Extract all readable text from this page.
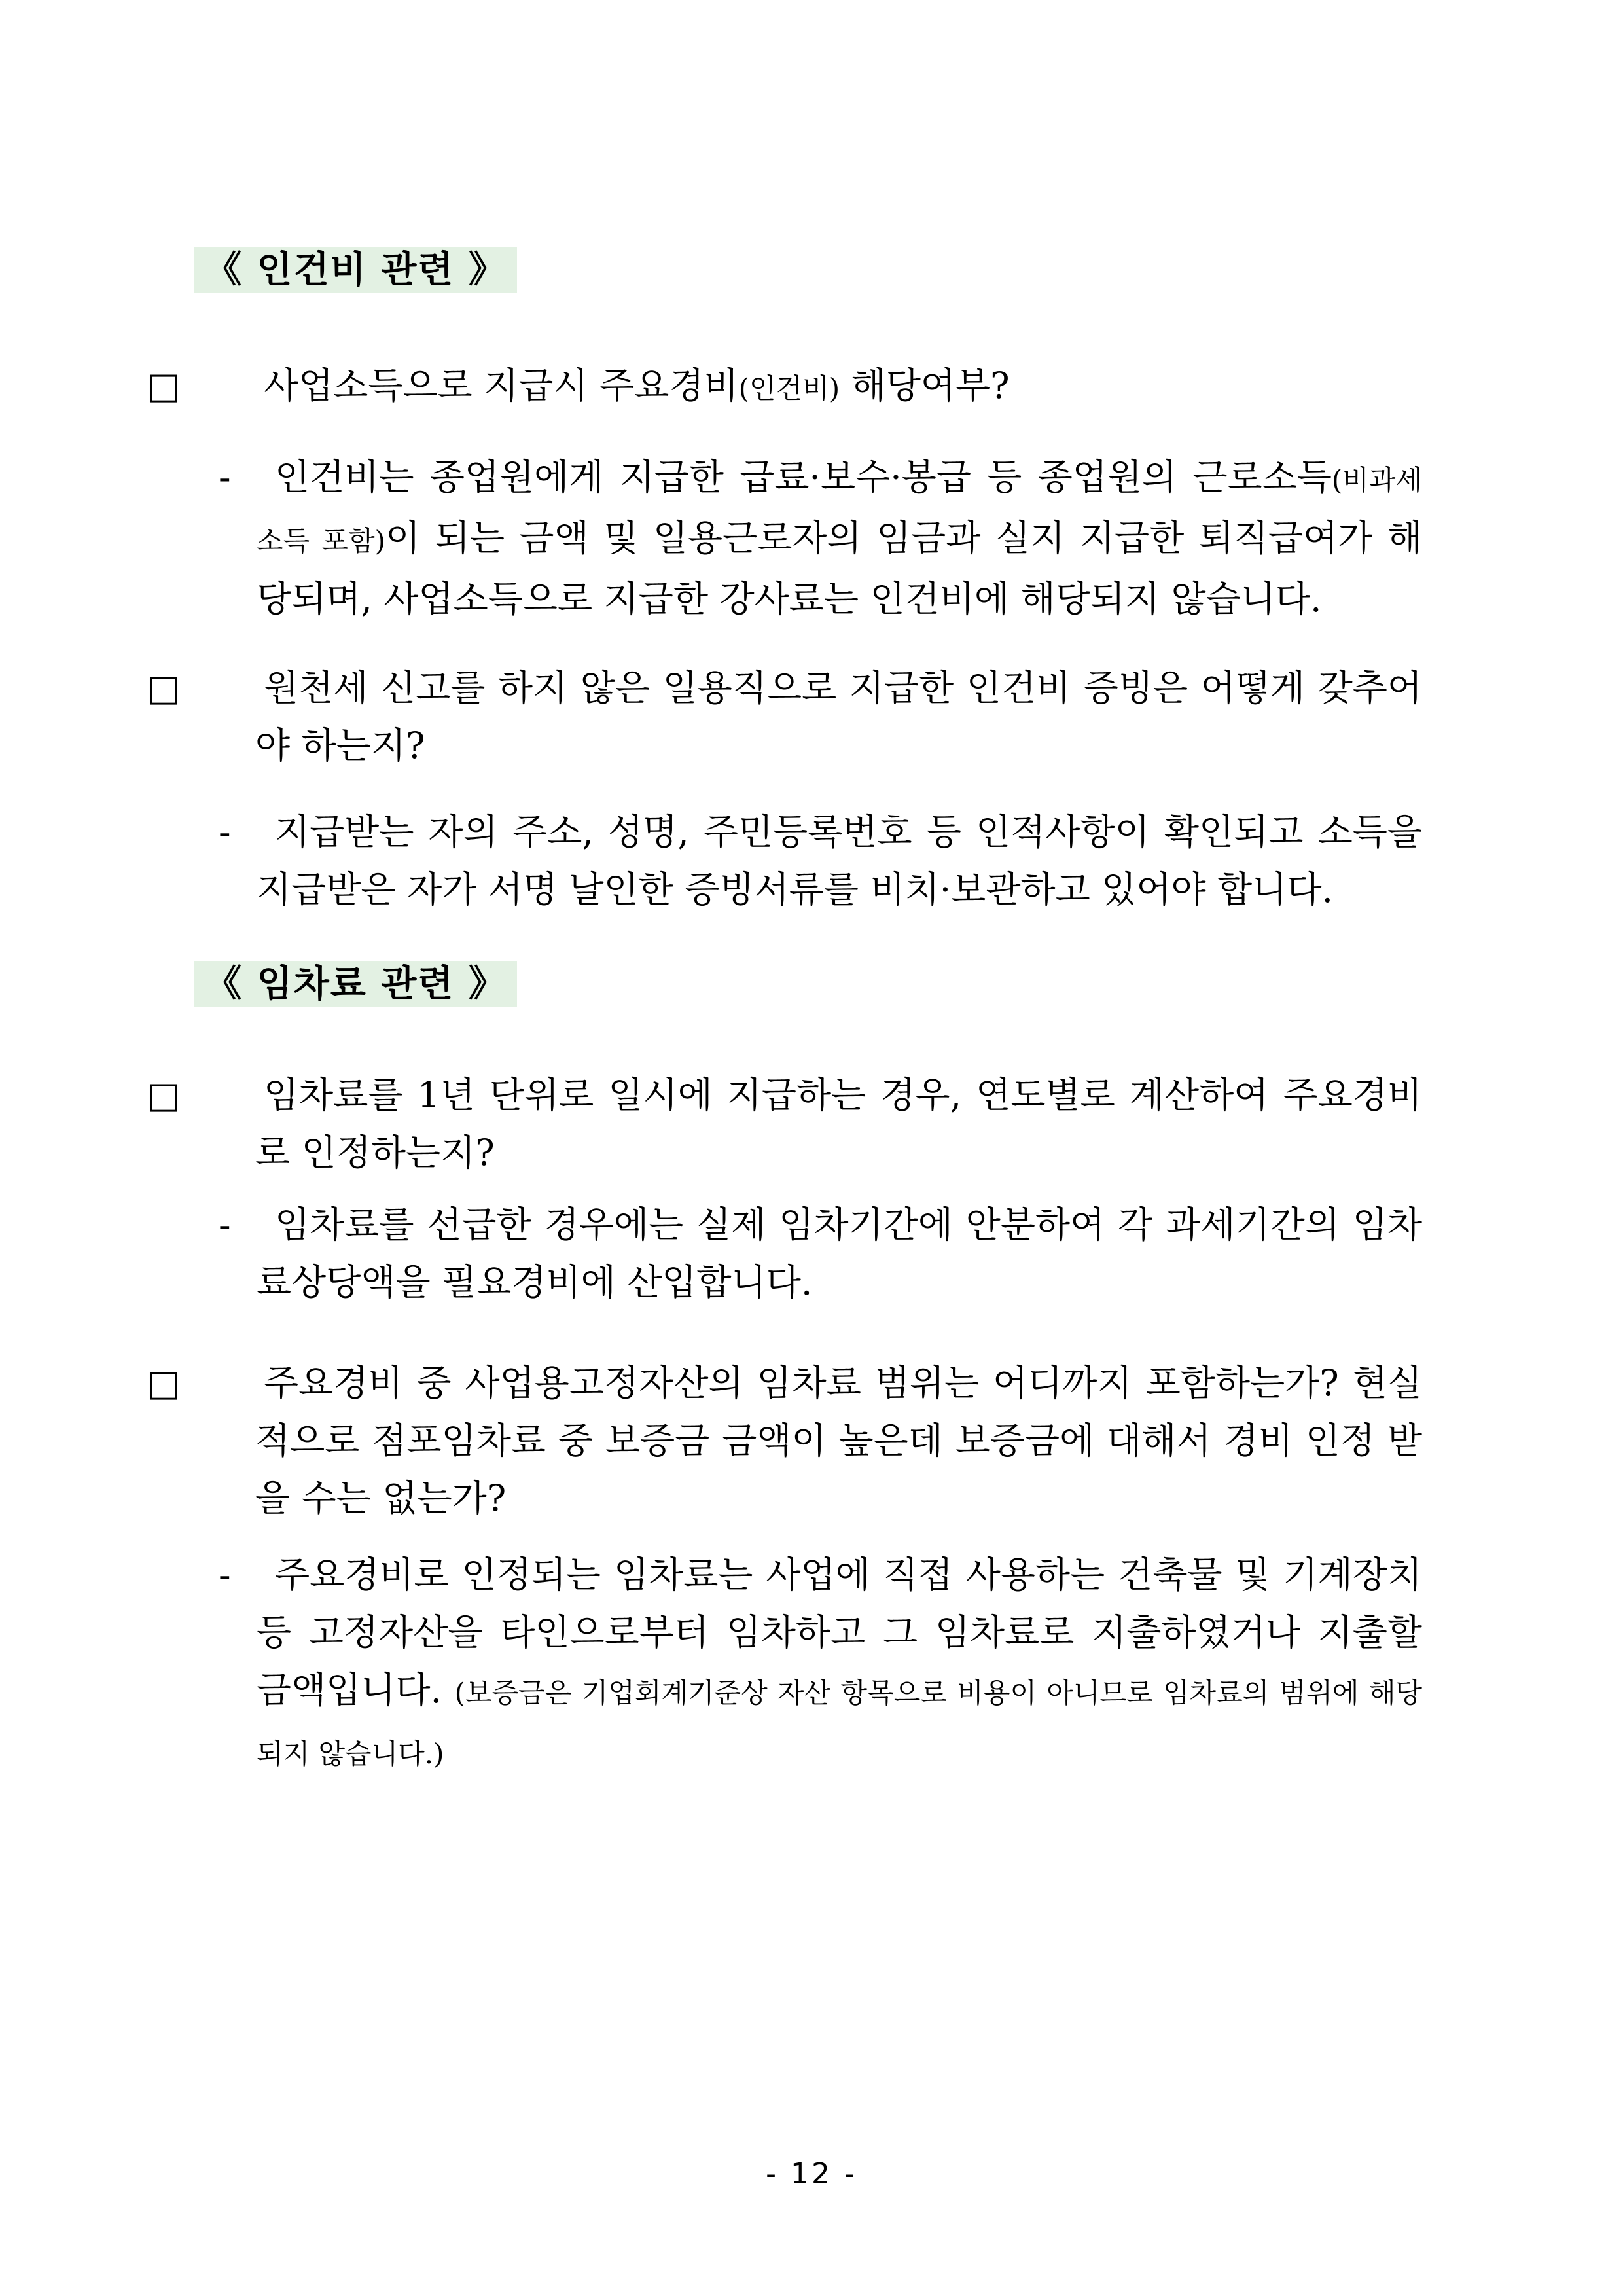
《 인건비 관련 》
□ 사업소득으로 지급시 주요경비(인건비) 해당여부?
- 인건비는 종업원에게 지급한 급료·보수·봉급 등 종업원의 근로소득(비과세 소득 포함)이 되는 금액 및 일용근로자의 임금과 실지 지급한 퇴직급여가 해당되며, 사업소득으로 지급한 강사료는 인건비에 해당되지 않습니다.
□ 원천세 신고를 하지 않은 일용직으로 지급한 인건비 증빙은 어떻게 갖추어야 하는지?
- 지급받는 자의 주소, 성명, 주민등록번호 등 인적사항이 확인되고 소득을 지급받은 자가 서명 날인한 증빙서류를 비치·보관하고 있어야 합니다.
《 임차료 관련 》
□ 임차료를 1년 단위로 일시에 지급하는 경우, 연도별로 계산하여 주요경비로 인정하는지?
- 임차료를 선급한 경우에는 실제 임차기간에 안분하여 각 과세기간의 임차료상당액을 필요경비에 산입합니다.
□ 주요경비 중 사업용고정자산의 임차료 범위는 어디까지 포함하는가? 현실적으로 점포임차료 중 보증금 금액이 높은데 보증금에 대해서 경비 인정 받을 수는 없는가?
- 주요경비로 인정되는 임차료는 사업에 직접 사용하는 건축물 및 기계장치 등 고정자산을 타인으로부터 임차하고 그 임차료로 지출하였거나 지출할 금액입니다. (보증금은 기업회계기준상 자산 항목으로 비용이 아니므로 임차료의 범위에 해당되지 않습니다.)
- 12 -
